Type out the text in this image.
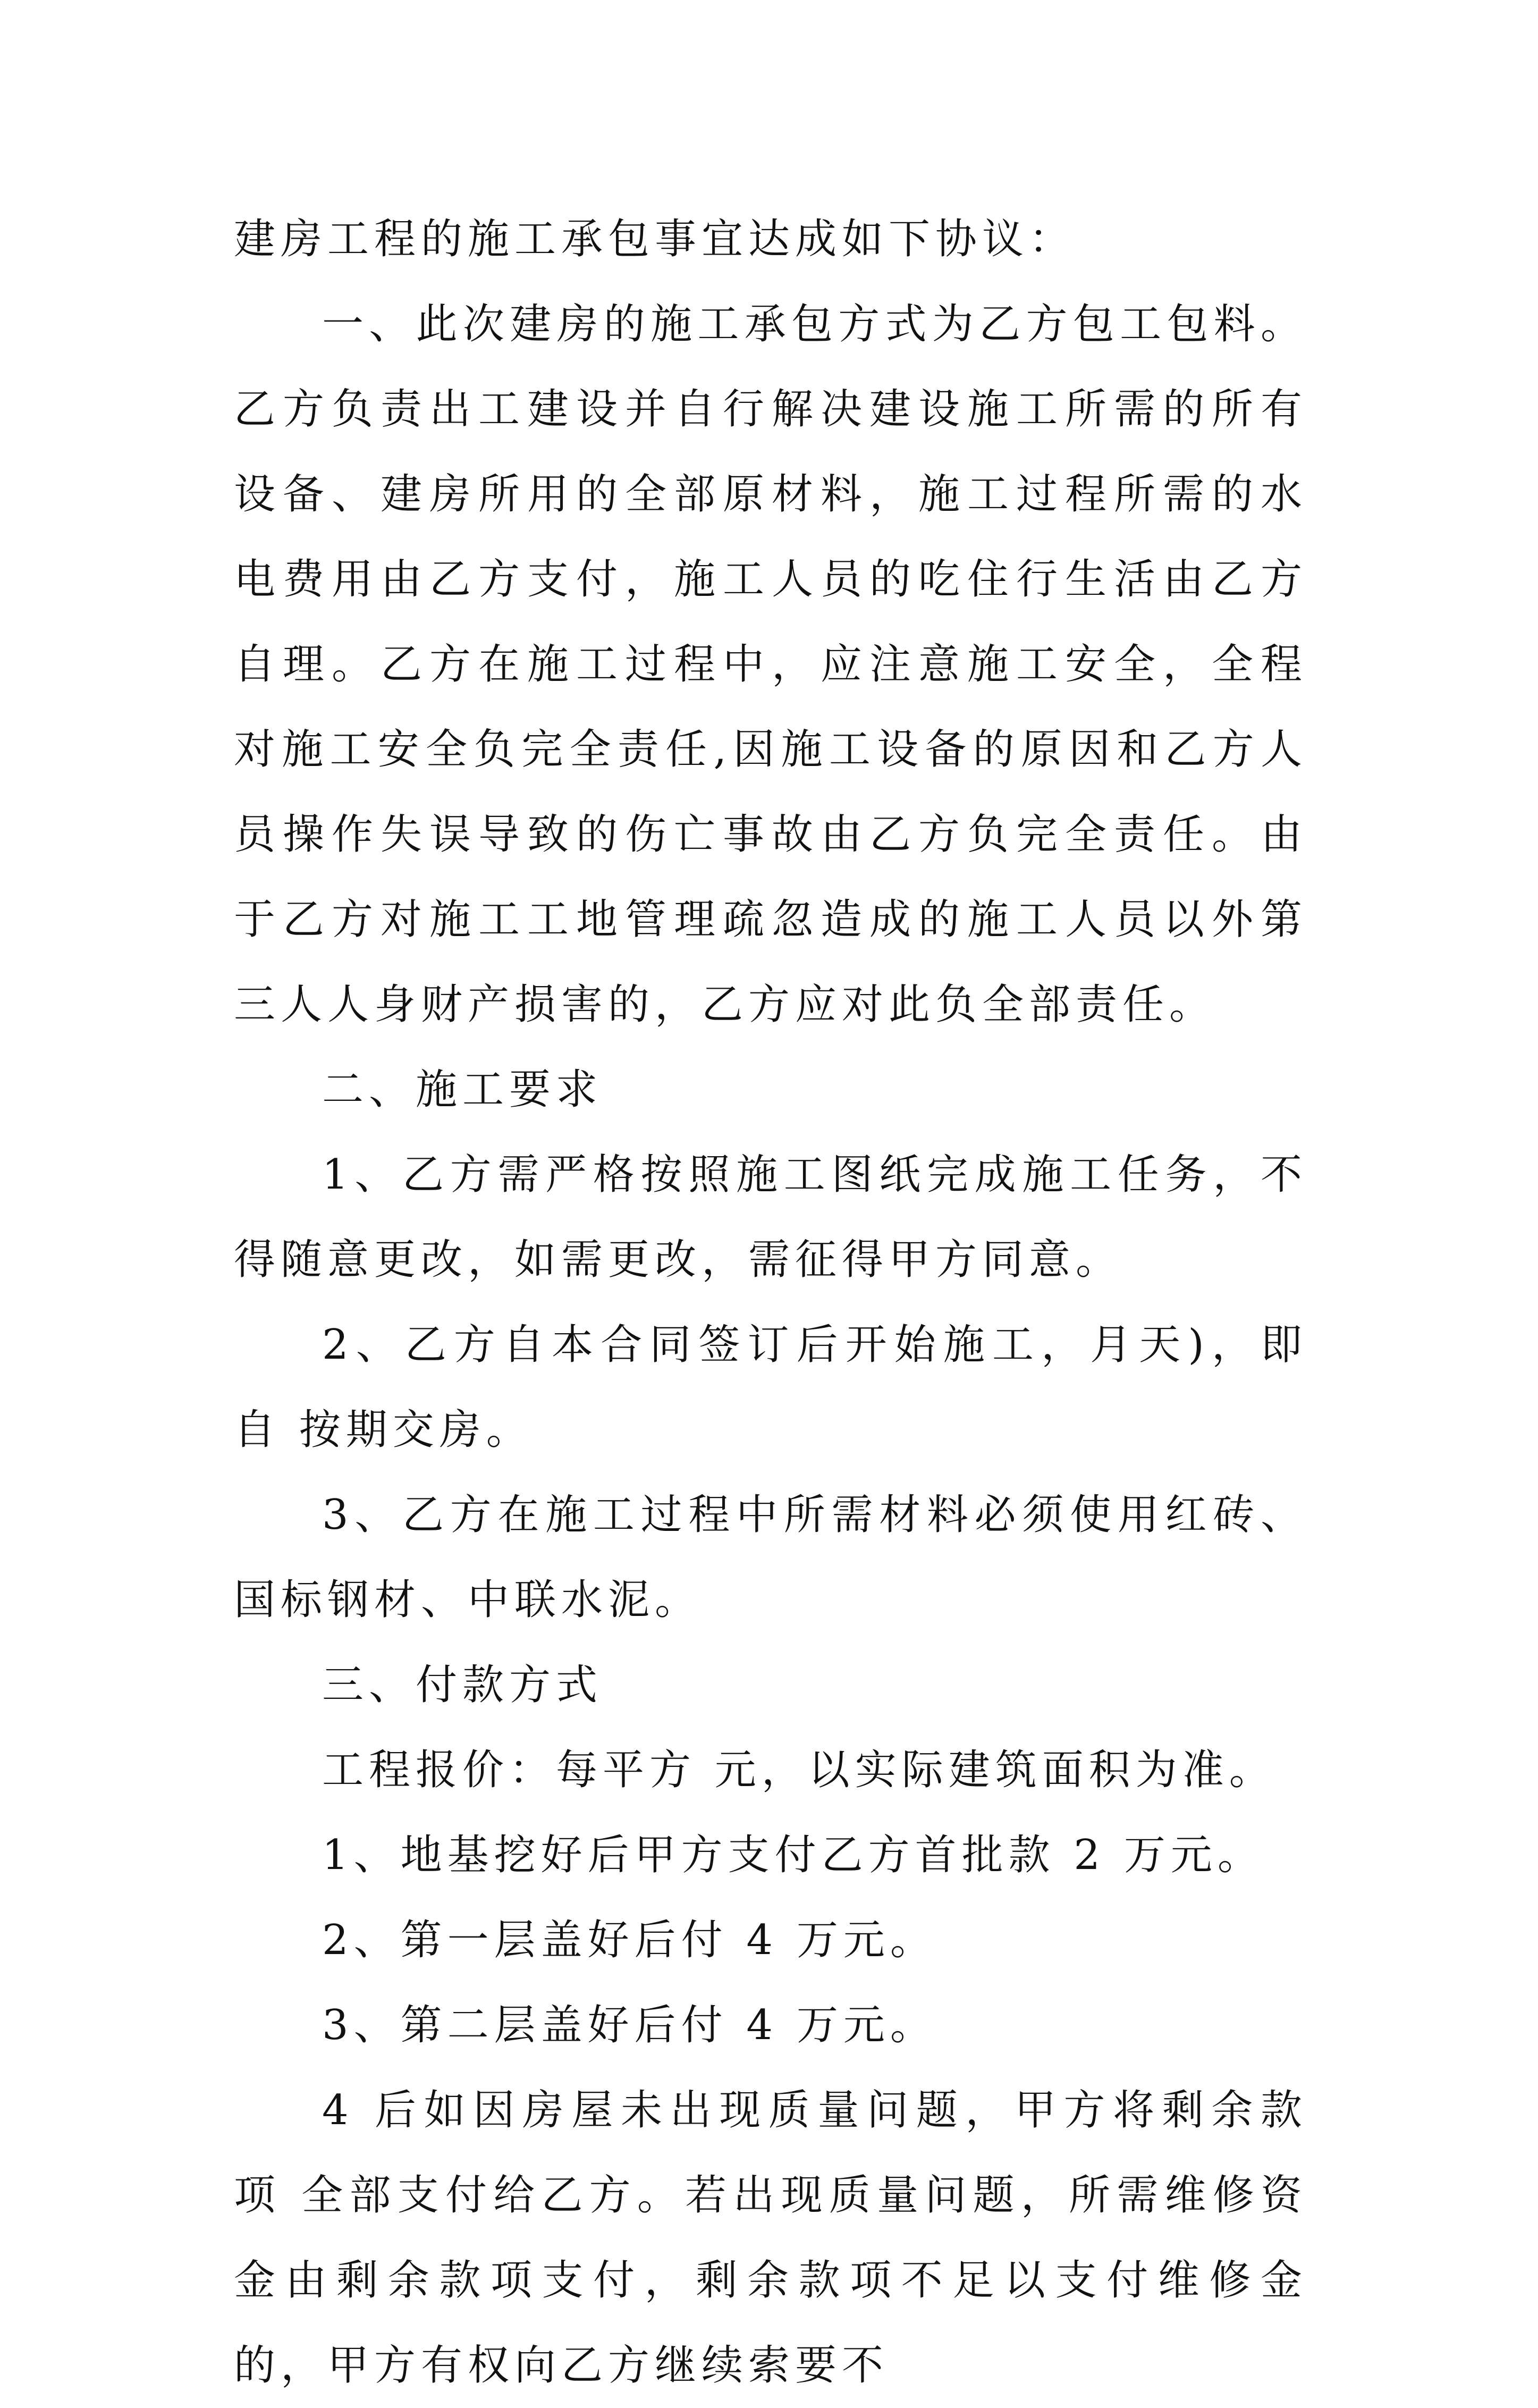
建房工程的施工承包事宜达成如下协议：

一、此次建房的施工承包方式为乙方包工包料。乙方负责出工建设并自行解决建设施工所需的所有设备、建房所用的全部原材料，施工过程所需的水电费用由乙方支付，施工人员的吃住行生活由乙方自理。乙方在施工过程中，应注意施工安全，全程对施工安全负完全责任,因施工设备的原因和乙方人员操作失误导致的伤亡事故由乙方负完全责任。由于乙方对施工工地管理疏忽造成的施工人员以外第三人人身财产损害的，乙方应对此负全部责任。

二、施工要求

1、乙方需严格按照施工图纸完成施工任务，不得随意更改，如需更改，需征得甲方同意。

2、乙方自本合同签订后开始施工，月天)，即自 按期交房。

3、乙方在施工过程中所需材料必须使用红砖、国标钢材、中联水泥。

三、付款方式

工程报价：每平方 元，以实际建筑面积为准。

1、地基挖好后甲方支付乙方首批款 2 万元。

2、第一层盖好后付 4 万元。

3、第二层盖好后付 4 万元。

4 后如因房屋未出现质量问题，甲方将剩余款项 全部支付给乙方。若出现质量问题，所需维修资金由剩余款项支付，剩余款项不足以支付维修金的，甲方有权向乙方继续索要不
